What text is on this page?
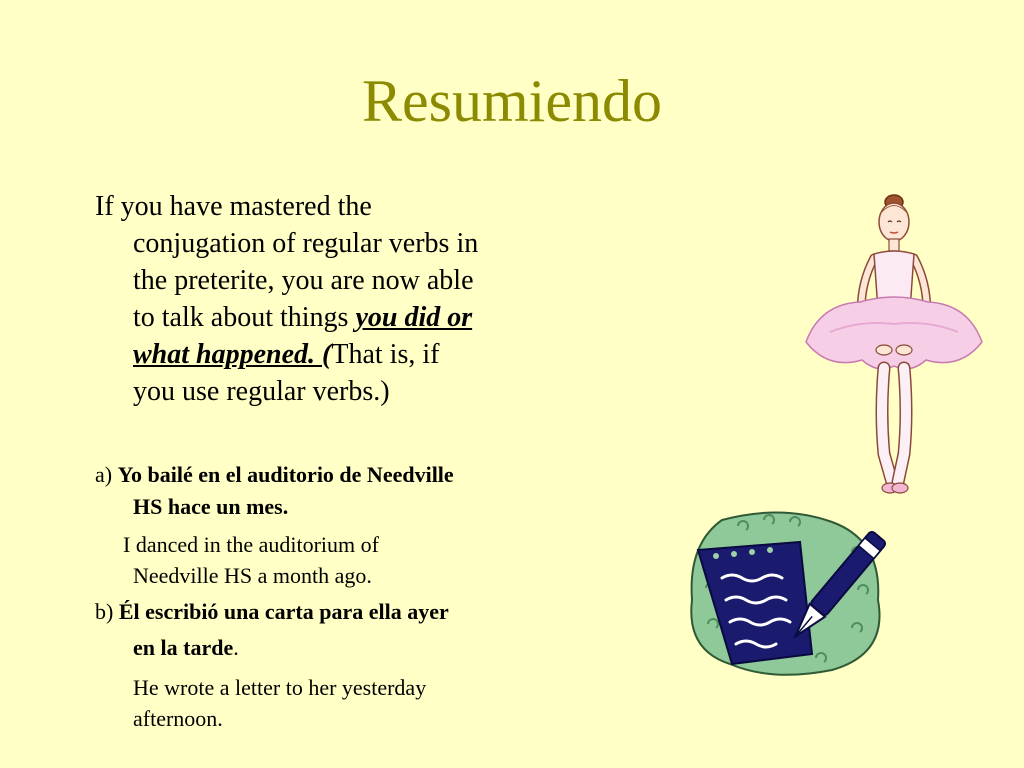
Resumiendo
If you have mastered the
conjugation of regular verbs in
the preterite, you are now able
to talk about things you did or
what happened. (That is, if
you use regular verbs.)
a) Yo bailé en el auditorio de Needville
HS hace un mes.
I danced in the auditorium of
Needville HS a month ago.
b) Él escribió una carta para ella ayer
en la tarde.
He wrote a letter to her yesterday
afternoon.
